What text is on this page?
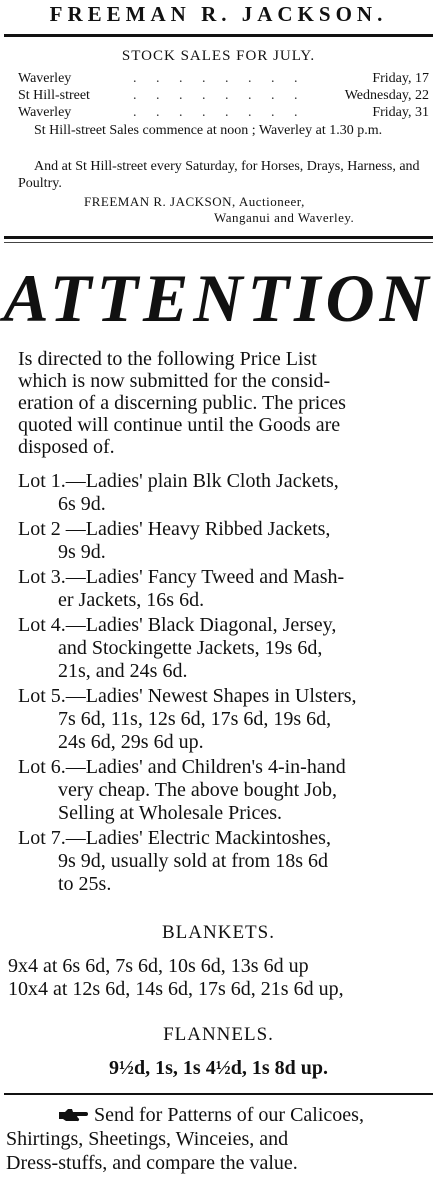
FREEMAN R. JACKSON.
STOCK SALES FOR JULY.
Waverley	. . . . . . . .	Friday, 17
St Hill-street	. . . . . . . .	Wednesday, 22
Waverley	. . . . . . . .	Friday, 31
St Hill-street Sales commence at noon ; Waverley at 1.30 p.m.
And at St Hill-street every Saturday, for Horses, Drays, Harness, and Poultry.
FREEMAN R. JACKSON, Auctioneer,
Wanganui and Waverley.
ATTENTION
Is directed to the following Price List
which is now submitted for the consid-
eration of a discerning public. The prices
quoted will continue until the Goods are
disposed of.
Lot 1.—Ladies' plain Blk Cloth Jackets,
6s 9d.
Lot 2 —Ladies' Heavy Ribbed Jackets,
9s 9d.
Lot 3.—Ladies' Fancy Tweed and Mash-
er Jackets, 16s 6d.
Lot 4.—Ladies' Black Diagonal, Jersey,
and Stockingette Jackets, 19s 6d,
21s, and 24s 6d.
Lot 5.—Ladies' Newest Shapes in Ulsters,
7s 6d, 11s, 12s 6d, 17s 6d, 19s 6d,
24s 6d, 29s 6d up.
Lot 6.—Ladies' and Children's 4-in-hand
very cheap. The above bought Job,
Selling at Wholesale Prices.
Lot 7.—Ladies' Electric Mackintoshes,
9s 9d, usually sold at from 18s 6d
to 25s.
BLANKETS.
9x4 at 6s 6d, 7s 6d, 10s 6d, 13s 6d up
10x4 at 12s 6d, 14s 6d, 17s 6d, 21s 6d up,
FLANNELS.
9½d, 1s, 1s 4½d, 1s 8d up.
Send for Patterns of our Calicoes,
Shirtings, Sheetings, Winceies, and
Dress-stuffs, and compare the value.
